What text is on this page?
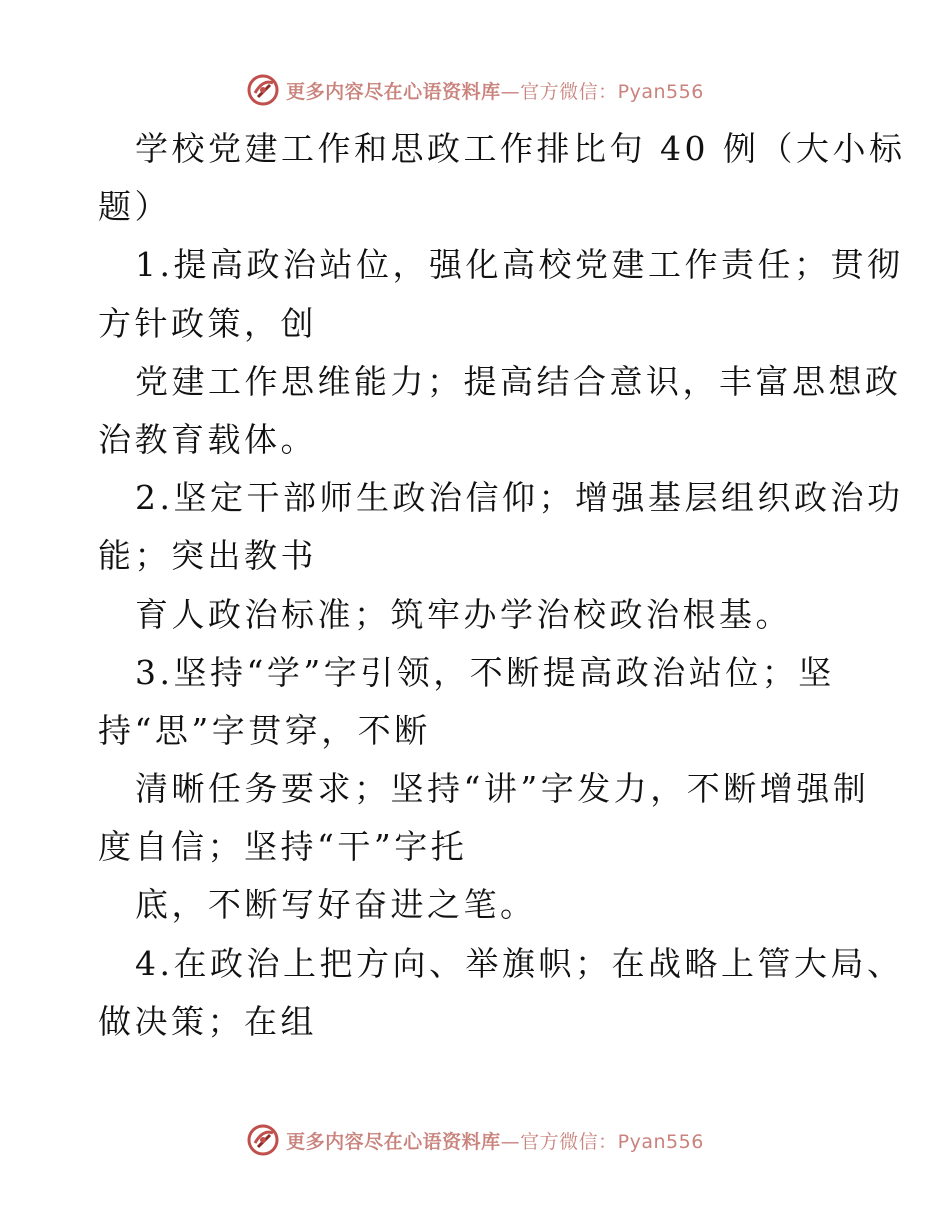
更多内容尽在心语资料库—官方微信：Pyan556
学校党建工作和思政工作排比句 40 例（大小标
题）
1.提高政治站位，强化高校党建工作责任；贯彻
方针政策，创
党建工作思维能力；提高结合意识，丰富思想政
治教育载体。
2.坚定干部师生政治信仰；增强基层组织政治功
能；突出教书
育人政治标准；筑牢办学治校政治根基。
3.坚持“学”字引领，不断提高政治站位；坚
持“思”字贯穿，不断
清晰任务要求；坚持“讲”字发力，不断增强制
度自信；坚持“干”字托
底，不断写好奋进之笔。
4.在政治上把方向、举旗帜；在战略上管大局、
做决策；在组
更多内容尽在心语资料库—官方微信：Pyan556
